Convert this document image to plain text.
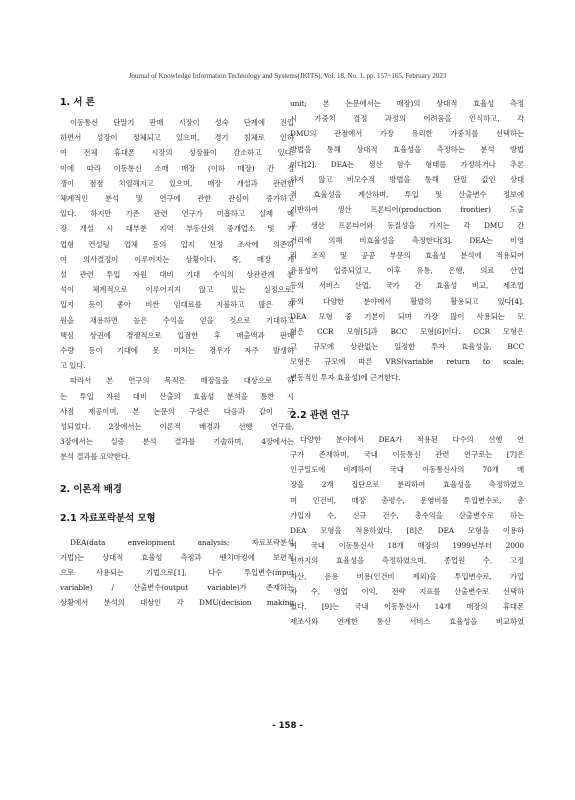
Journal of Knowledge Information Technology and Systems(JKITS), Vol. 18, No. 1, pp. 157~165, February 2023
1. 서 론
이동통신 단말기 판매 시장이 성숙 단계에 진입
하면서 성장이 정체되고 있으며, 경기 침체로 인하
여 전체 휴대폰 시장의 성장률이 감소하고 있다.
이에 따라 이동통신 소매 매장 (이하 매장) 간 경
쟁이 점점 치열해지고 있으며, 매장 개설과 관련한
체계적인 분석 및 연구에 관한 관심이 증가하고
있다. 하지만 기존 관련 연구가 미흡하고 실제 매
장 개설 시 대부분 지역 부동산의 중개업소 및 기
업형 컨설팅 업체 등의 입지 선정 조사에 의존하
여 의사결정이 이루어지는 상황이다. 즉, 매장 개
설 관련 투입 자원 대비 기대 수익의 상관관계 분
석이 체계적으로 이루어지지 않고 있는 실정으로,
입지 등이 좋아 비싼 임대료를 지불하고 많은 직
원을 채용하면 높은 수익을 얻을 것으로 기대하고
핵심 상권에 경쟁적으로 입점한 후 매출액과 판매
수량 등이 기대에 못 미치는 경우가 자주 발생하
고 있다.
따라서 본 연구의 목적은 매장들을 대상으로 하
는 투입 자원 대비 산출의 효율성 분석을 통한 시
사점 제공이며, 본 논문의 구성은 다음과 같이 구
성되었다. 2장에서는 이론적 배경과 선행 연구를,
3장에서는 실증 분석 결과를 기술하며, 4장에서는
분석 결과를 요약한다.
2. 이론적 배경
2.1 자료포락분석 모형
DEA(data envelopment analysis; 자료포락분석
기법)는 상대적 효율성 측정과 벤치마킹에 보편적
으로 사용되는 기법으로[1], 다수 투입변수(input
variable) / 산출변수(output variable)가 존재하는
상황에서 분석의 대상인 각 DMU(decision making
unit; 본 논문에서는 매장)의 상대적 효율성 측정
시 가중치 결정 과정의 어려움을 인식하고, 각
DMU의 관점에서 가장 유리한 가중치를 선택하는
방법을 통해 상대적 효율성을 측정하는 분석 방법
이다[2]. DEA는 생산 함수 형태를 가정하거나 추론
하지 않고 비모수적 방법을 통해 단일 값인 상대
적 효율성을 계산하며, 투입 및 산출변수 정보에
기반하여 생산 프론티어(production frontier) 도출
후 생산 프론티어와 동질성을 가지는 각 DMU 간
거리에 의해 비효율성을 측정한다[3]. DEA는 비영
리 조직 및 공공 부문의 효율성 분석에 적용되어
유용성이 입증되었고, 이후 유통, 은행, 의료 산업
등의 서비스 산업, 국가 간 효율성 비교, 제조업
등의 다양한 분야에서 활발히 활용되고 있다[4].
DEA 모형 중 기본이 되며 가장 많이 사용되는 모
형은 CCR 모형[5]과 BCC 모형[6]이다. CCR 모형은
그 규모에 상관없는 일정한 투자 효율성을, BCC
모형은 규모에 따른 VRS(variable return to scale;
변동적인 투자 효율성)에 근거한다.
2.2 관련 연구
다양한 분야에서 DEA가 적용된 다수의 선행 연
구가 존재하며, 국내 이동통신 관련 연구로는 [7]은
인구밀도에 비례하여 국내 이동통신사의 70개 매
장을 2개 집단으로 분리하여 효율성을 측정하였으
며 인건비, 매장 총평수, 운영비를 투입변수로, 총
가입자 수, 신규 건수, 총수익을 산출변수로 하는
DEA 모형을 적용하였다. [8]은 DEA 모형을 이용하
여 국내 이동통신사 18개 매장의 1999년부터 2000
년까지의 효율성을 측정하였으며, 종업원 수, 고정
자산, 운용 비용(인건비 제외)을 투입변수로, 가입
자 수, 영업 이익, 전략 지표를 산출변수로 선택하
였다. [9]는 국내 이동통신사 14개 매장의 휴대폰
제조사와 연계한 통신 서비스 효율성을 비교하였
- 158 -
